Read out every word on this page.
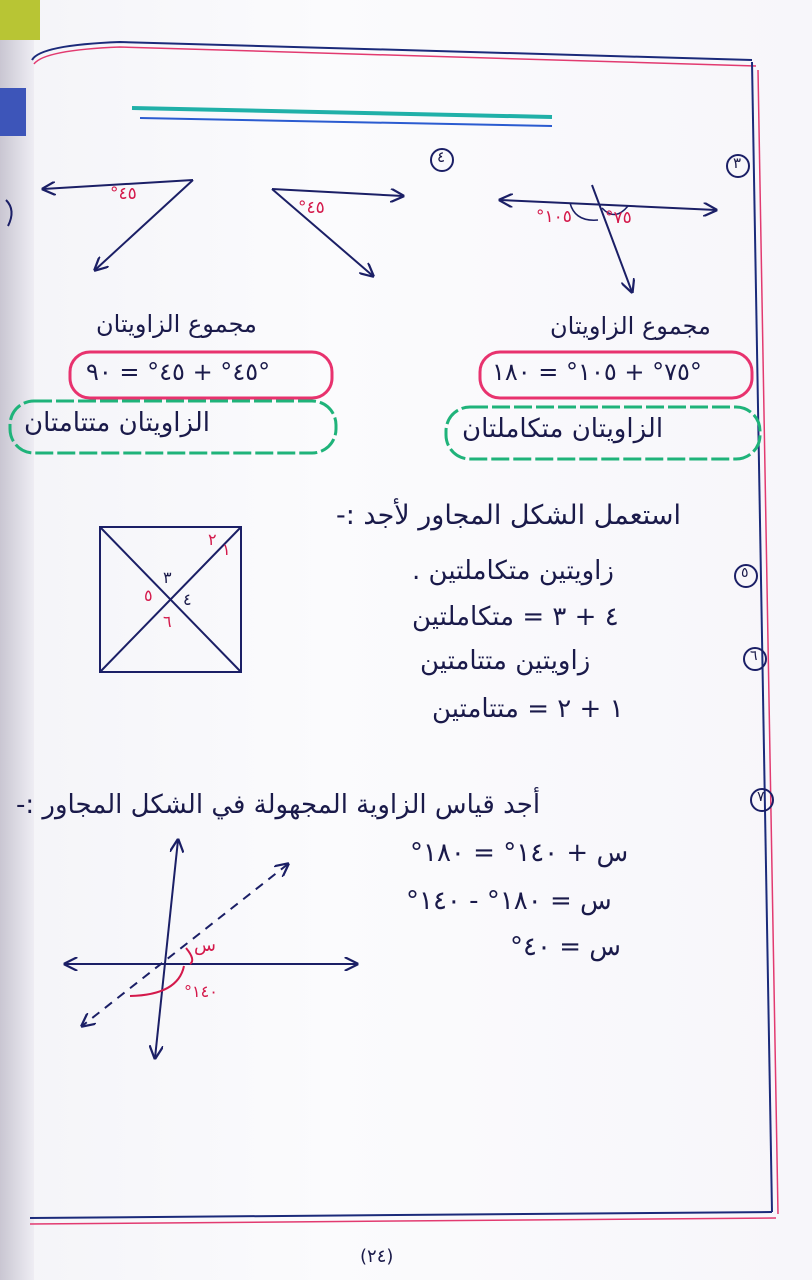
٣
٤
١٠٥° ٧٥°
٤٥°
٤٥°
مجموع الزاويتان
مجموع الزاويتان
٧٥° + ١٠٥° = ١٨٠°
٤٥° + ٤٥° = ٩٠°
الزاويتان متكاملتان
الزاويتان متتامتان
١
٢
٣
٤
٥
٦
استعمل الشكل المجاور لأجد :-
٥
زاويتين متكاملتين .
٤ + ٣ = متكاملتين
٦
زاويتين متتامتين
١ + ٢ = متتامتين
٧
أجد قياس الزاوية المجهولة في الشكل المجاور :-
س
١٤٠°
س + ١٤٠° = ١٨٠°
س = ١٨٠° - ١٤٠°
س = ٤٠°
(٢٤)
